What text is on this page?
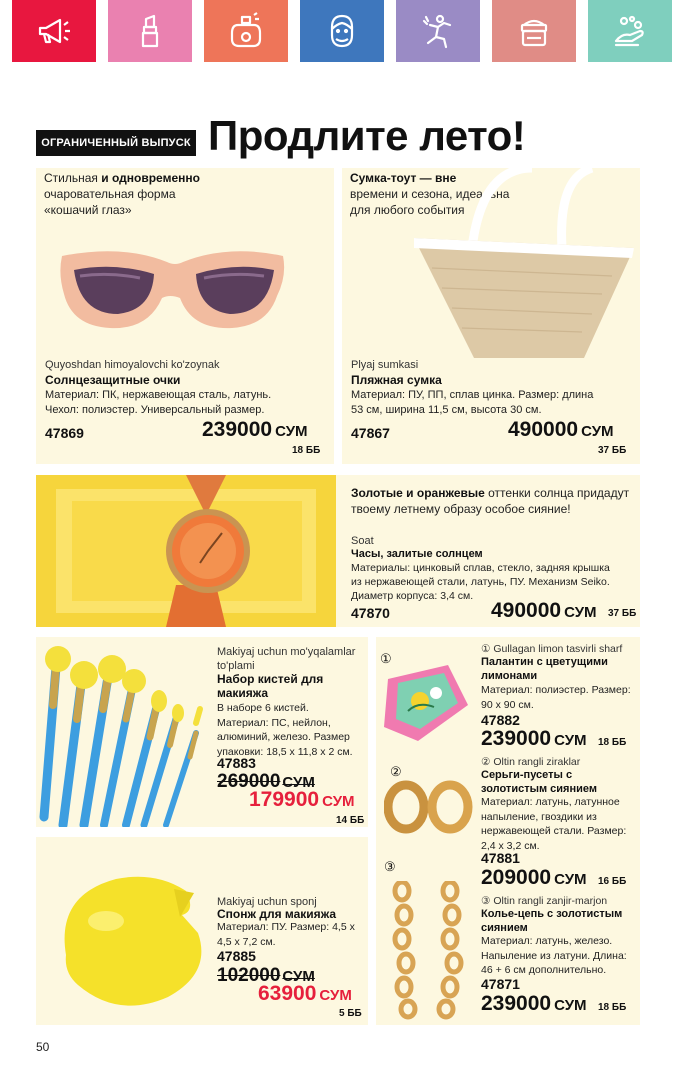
ОГРАНИЧЕННЫЙ ВЫПУСК Продлите лето!
Стильная и одновременно
очаровательная форма
«кошачий глаз»
Quyoshdan himoyalovchi ko'zoynak
Солнцезащитные очки
Материал: ПК, нержавеющая сталь, латунь.
Чехол: полиэстер. Универсальный размер.
47869	239000 СУМ
18 ББ
Сумка-тоут — вне
времени и сезона, идеальна
для любого события
Plyaj sumkasi
Пляжная сумка
Материал: ПУ, ПП, сплав цинка. Размер: длина
53 см, ширина 11,5 см, высота 30 см.
47867	490000 СУМ
37 ББ
Золотые и оранжевые оттенки солнца придадут
твоему летнему образу особое сияние!
Soat
Часы, залитые солнцем
Материалы: цинковый сплав, стекло, задняя крышка
из нержавеющей стали, латунь, ПУ. Механизм Seiko.
Диаметр корпуса: 3,4 см.
47870	490000 СУМ 37 ББ
Makiyaj uchun mo'yqalamlar
to'plami
Набор кистей для
макияжа
В наборе 6 кистей.
Материал: ПС, нейлон,
алюминий, железо. Размер
упаковки: 18,5 х 11,8 х 2 см.
47883
269000 СУМ
179900 СУМ
14 ББ
Makiyaj uchun sponj
Спонж для макияжа
Материал: ПУ. Размер: 4,5 х
4,5 х 7,2 см.
47885
102000 СУМ
63900 СУМ
5 ББ
①
① Gullagan limon tasvirli sharf
Палантин с цветущими
лимонами
Материал: полиэстер. Размер:
90 х 90 см.
47882
239000 СУМ 18 ББ
②
② Oltin rangli ziraklar
Серьги-пусеты с
золотистым сиянием
Материал: латунь, латунное
напыление, гвоздики из
нержавеющей стали. Размер:
2,4 х 3,2 см.
47881
209000 СУМ 16 ББ
③
③ Oltin rangli zanjir-marjon
Колье-цепь с золотистым
сиянием
Материал: латунь, железо.
Напыление из латуни. Длина:
46 + 6 см дополнительно.
47871
239000 СУМ 18 ББ
50
